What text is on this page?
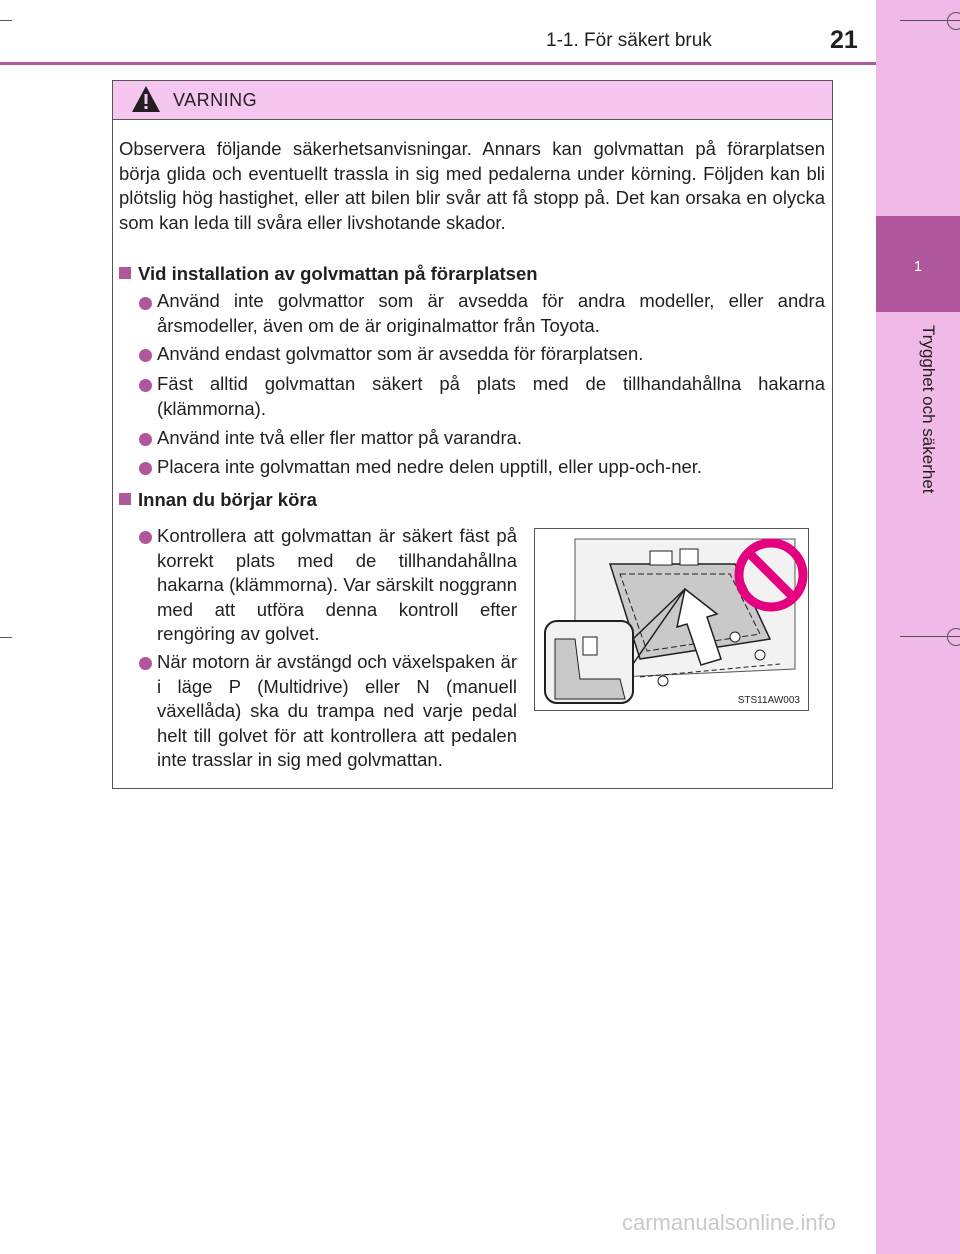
1-1. För säkert bruk	21
1
Trygghet och säkerhet
VARNING
Observera följande säkerhetsanvisningar. Annars kan golvmattan på förarplatsen börja glida och eventuellt trassla in sig med pedalerna under körning. Följden kan bli plötslig hög hastighet, eller att bilen blir svår att få stopp på. Det kan orsaka en olycka som kan leda till svåra eller livshotande skador.
Vid installation av golvmattan på förarplatsen
Använd inte golvmattor som är avsedda för andra modeller, eller andra årsmodeller, även om de är originalmattor från Toyota.
Använd endast golvmattor som är avsedda för förarplatsen.
Fäst alltid golvmattan säkert på plats med de tillhandahållna hakarna (klämmorna).
Använd inte två eller fler mattor på varandra.
Placera inte golvmattan med nedre delen upptill, eller upp-och-ner.
Innan du börjar köra
Kontrollera att golvmattan är säkert fäst på korrekt plats med de tillhandahållna hakarna (klämmorna). Var särskilt noggrann med att utföra denna kontroll efter rengöring av golvet.
När motorn är avstängd och växelspaken är i läge P (Multidrive) eller N (manuell växellåda) ska du trampa ned varje pedal helt till golvet för att kontrollera att pedalen inte trasslar in sig med golvmattan.
STS11AW003
carmanualsonline.info
